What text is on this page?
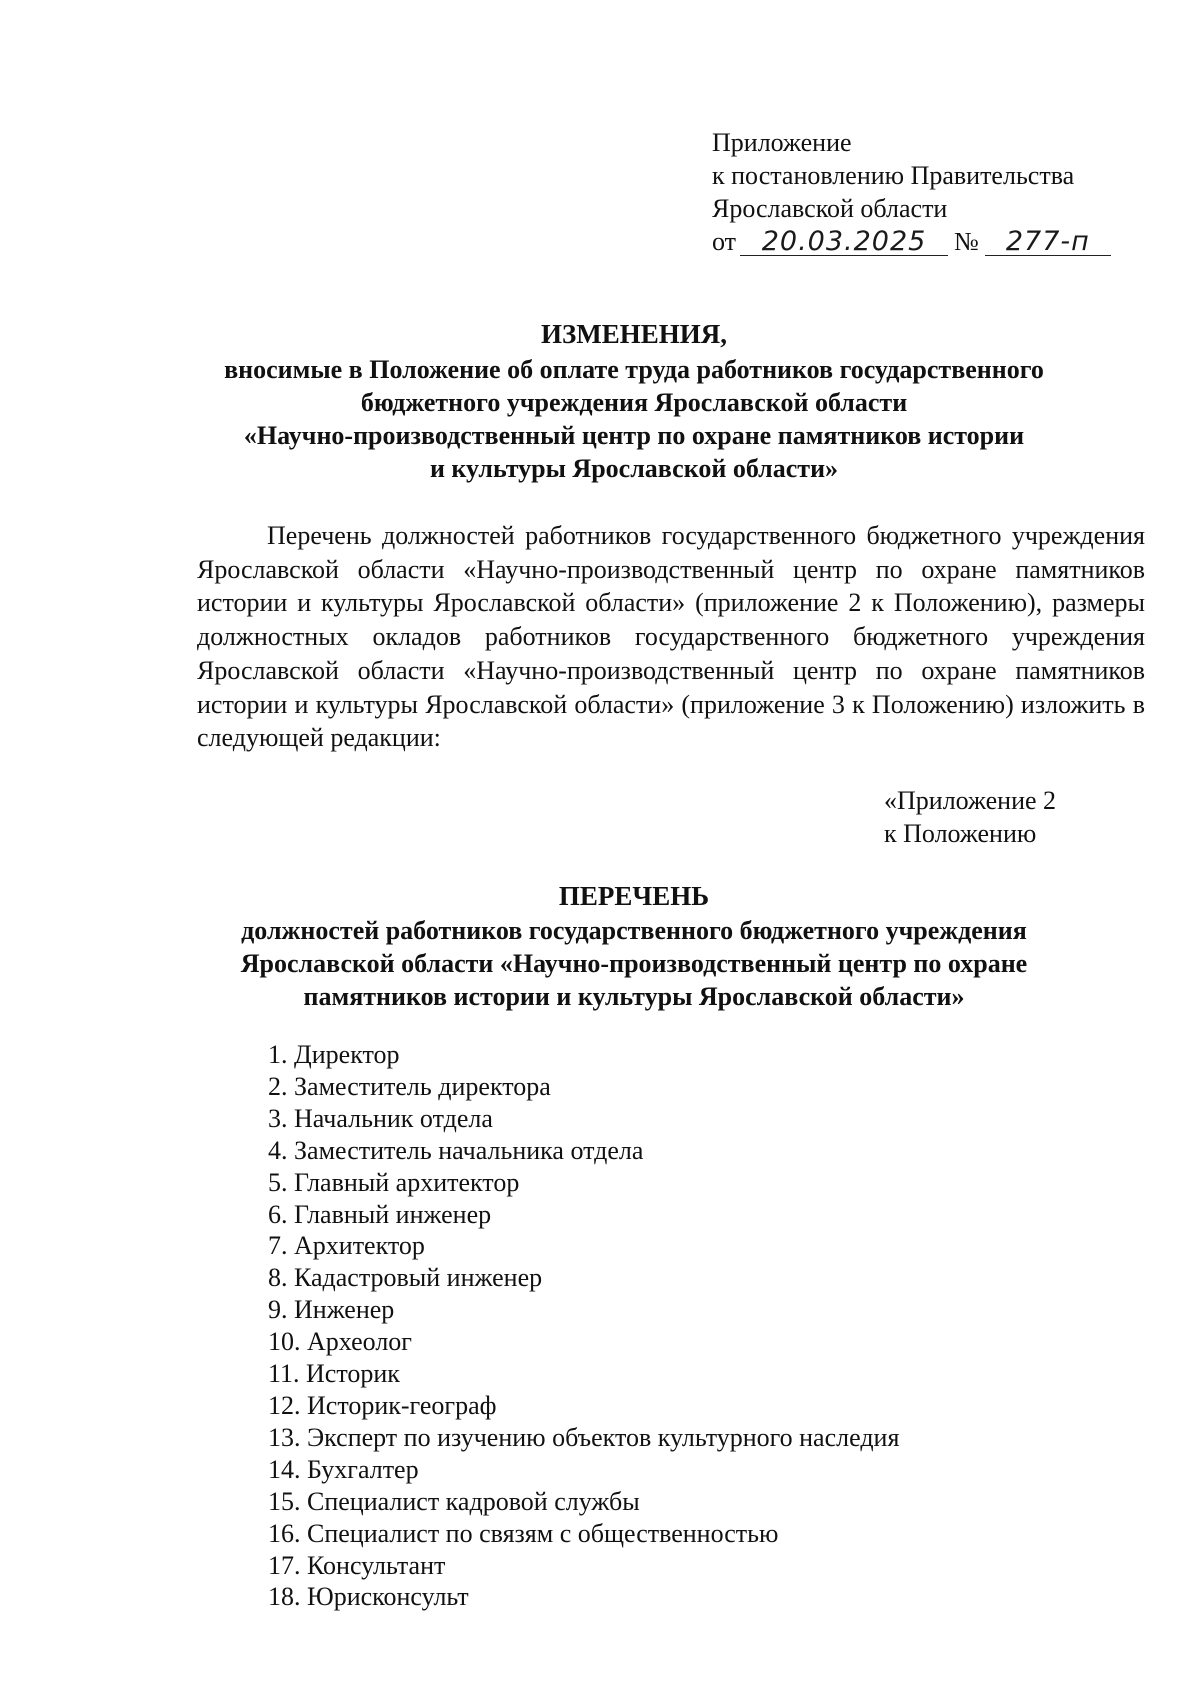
Приложение
к постановлению Правительства
Ярославской области
от 20.03.2025 № 277-п
ИЗМЕНЕНИЯ,
вносимые в Положение об оплате труда работников государственного
бюджетного учреждения Ярославской области
«Научно-производственный центр по охране памятников истории
и культуры Ярославской области»
Перечень должностей работников государственного бюджетного учреждения Ярославской области «Научно-производственный центр по охране памятников истории и культуры Ярославской области» (приложение 2 к Положению), размеры должностных окладов работников государственного бюджетного учреждения Ярославской области «Научно-производственный центр по охране памятников истории и культуры Ярославской области» (приложение 3 к Положению) изложить в следующей редакции:
«Приложение 2
к Положению
ПЕРЕЧЕНЬ
должностей работников государственного бюджетного учреждения
Ярославской области «Научно-производственный центр по охране
памятников истории и культуры Ярославской области»
1. Директор
2. Заместитель директора
3. Начальник отдела
4. Заместитель начальника отдела
5. Главный архитектор
6. Главный инженер
7. Архитектор
8. Кадастровый инженер
9. Инженер
10. Археолог
11. Историк
12. Историк-географ
13. Эксперт по изучению объектов культурного наследия
14. Бухгалтер
15. Специалист кадровой службы
16. Специалист по связям с общественностью
17. Консультант
18. Юрисконсульт
